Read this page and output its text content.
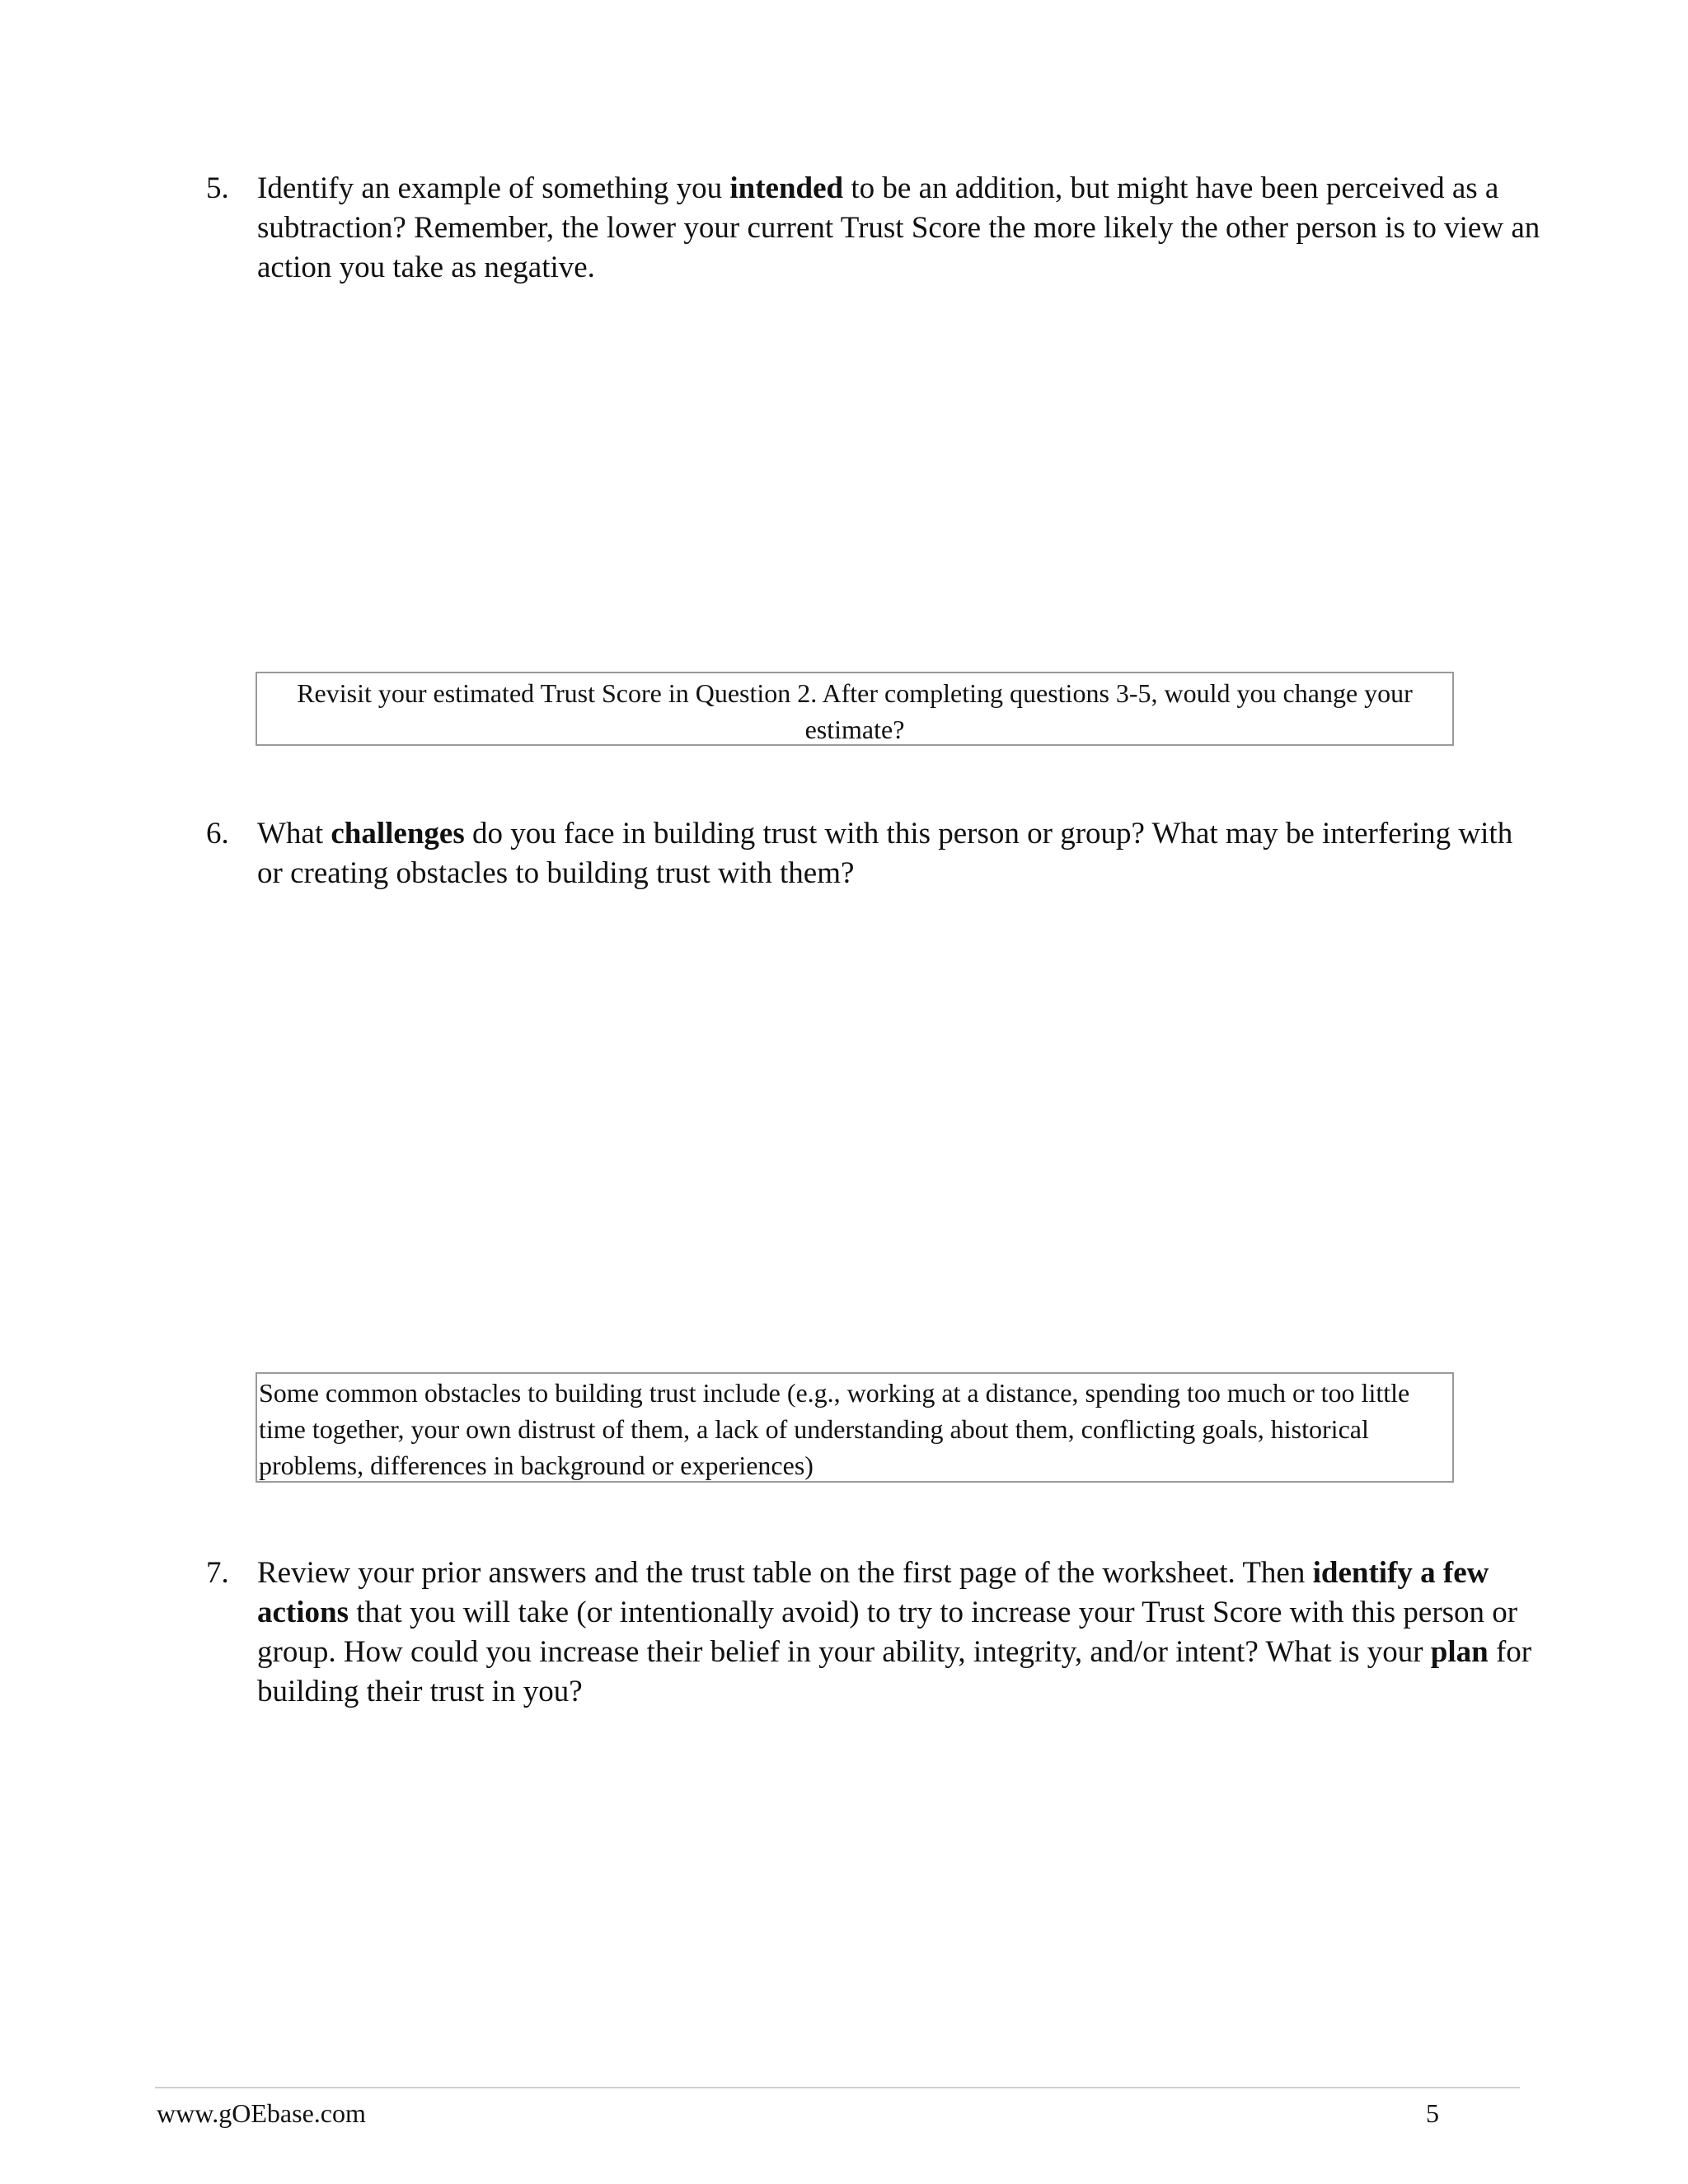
5. Identify an example of something you intended to be an addition, but might have been perceived as a subtraction? Remember, the lower your current Trust Score the more likely the other person is to view an action you take as negative.
Revisit your estimated Trust Score in Question 2. After completing questions 3-5, would you change your estimate?
6. What challenges do you face in building trust with this person or group? What may be interfering with or creating obstacles to building trust with them?
Some common obstacles to building trust include (e.g., working at a distance, spending too much or too little time together, your own distrust of them, a lack of understanding about them, conflicting goals, historical problems, differences in background or experiences)
7. Review your prior answers and the trust table on the first page of the worksheet. Then identify a few actions that you will take (or intentionally avoid) to try to increase your Trust Score with this person or group. How could you increase their belief in your ability, integrity, and/or intent? What is your plan for building their trust in you?
www.gOEbase.com	5
